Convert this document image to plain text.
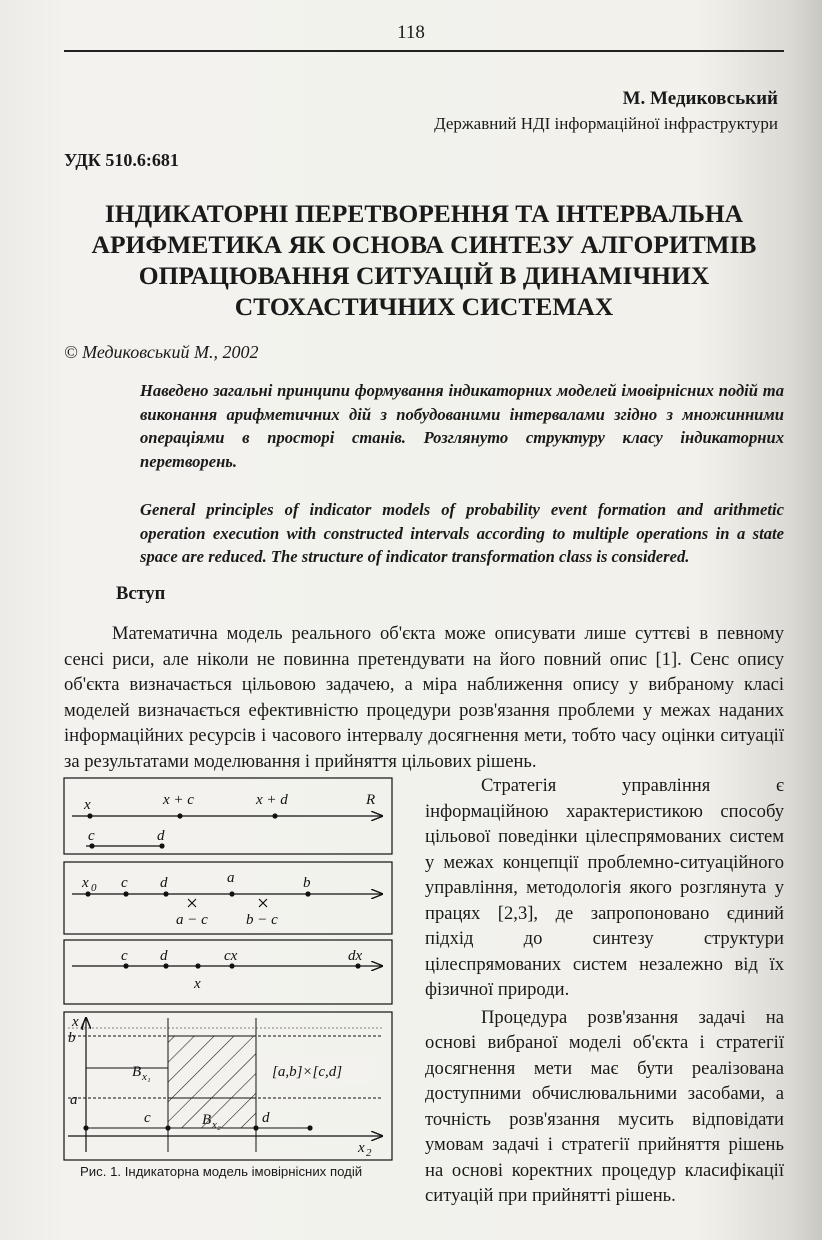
118
М. Медиковський
Державний НДІ інформаційної інфраструктури
УДК 510.6:681
ІНДИКАТОРНІ ПЕРЕТВОРЕННЯ ТА ІНТЕРВАЛЬНА
АРИФМЕТИКА ЯК ОСНОВА СИНТЕЗУ АЛГОРИТМІВ
ОПРАЦЮВАННЯ СИТУАЦІЙ В ДИНАМІЧНИХ
СТОХАСТИЧНИХ СИСТЕМАХ
© Медиковський М., 2002
Наведено загальні принципи формування індикаторних моделей імовірнісних подій та виконання арифметичних дій з побудованими інтервалами згідно з множинними операціями в просторі станів. Розглянуто структуру класу індикаторних перетворень.
General principles of indicator models of probability event formation and arithmetic operation execution with constructed intervals according to multiple operations in a state space are reduced. The structure of indicator transformation class is considered.
Вступ
Математична модель реального об'єкта може описувати лише суттєві в певному сенсі риси, але ніколи не повинна претендувати на його повний опис [1]. Сенс опису об'єкта визначається цільовою задачею, а міра наближення опису у вибраному класі моделей визначається ефективністю процедури розв'язання проблеми у межах наданих інформаційних ресурсів і часового інтервалу досягнення мети, тобто часу оцінки ситуації за результатами моделювання і прийняття цільових рішень.

Стратегія управління є інформаційною характеристикою способу цільової поведінки цілеспрямованих систем у межах концепції проблемно-ситуаційного управління, методологія якого розглянута у працях [2,3], де запропоновано єдиний підхід до синтезу структури цілеспрямованих систем незалежно від їх фізичної природи.

Процедура розв'язання задачі на основі вибраної моделі об'єкта і стратегії досягнення мети має бути реалізована доступними обчислювальними засобами, а точність розв'язання мусить відповідати умовам задачі і стратегії прийняття рішень на основі коректних процедур класифікації ситуацій при прийнятті рішень.

x	x + c	x + d	R
c	d
x 0 c d	a	b
a − c	b − c
c d	cx	dx
x
x 1
b
a
c	d
x 2
B x₁
B x₂
[a,b]×[c,d]
Рис. 1. Індикаторна модель імовірнісних подій
